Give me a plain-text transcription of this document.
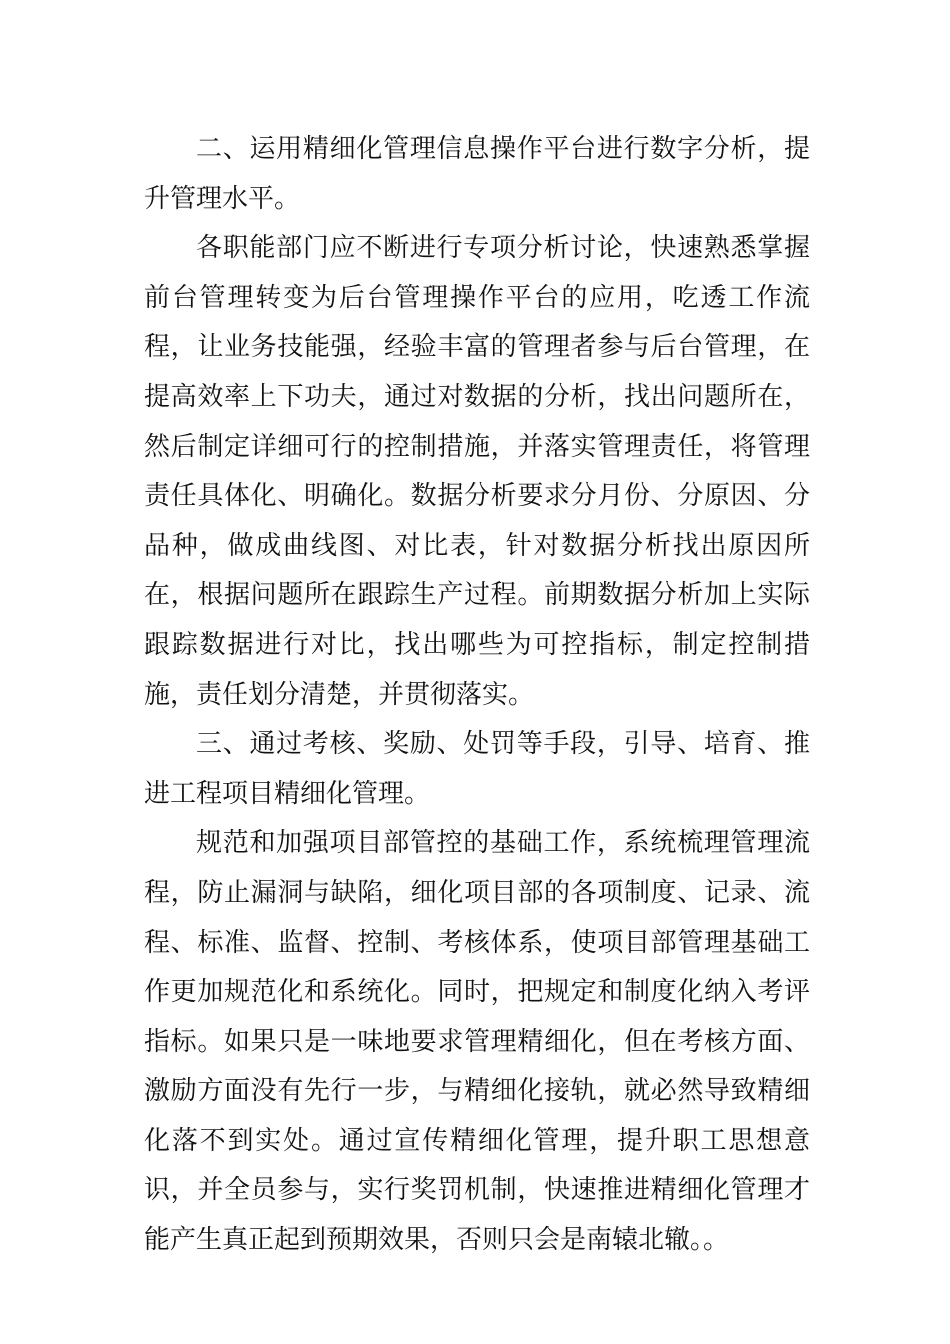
二、运用精细化管理信息操作平台进行数字分析，提升管理水平。

各职能部门应不断进行专项分析讨论，快速熟悉掌握前台管理转变为后台管理操作平台的应用，吃透工作流程，让业务技能强，经验丰富的管理者参与后台管理，在提高效率上下功夫，通过对数据的分析，找出问题所在，然后制定详细可行的控制措施，并落实管理责任，将管理责任具体化、明确化。数据分析要求分月份、分原因、分品种，做成曲线图、对比表，针对数据分析找出原因所在，根据问题所在跟踪生产过程。前期数据分析加上实际跟踪数据进行对比，找出哪些为可控指标，制定控制措施，责任划分清楚，并贯彻落实。

三、通过考核、奖励、处罚等手段，引导、培育、推进工程项目精细化管理。

规范和加强项目部管控的基础工作，系统梳理管理流程，防止漏洞与缺陷，细化项目部的各项制度、记录、流程、标准、监督、控制、考核体系，使项目部管理基础工作更加规范化和系统化。同时，把规定和制度化纳入考评指标。如果只是一味地要求管理精细化，但在考核方面、激励方面没有先行一步，与精细化接轨，就必然导致精细化落不到实处。通过宣传精细化管理，提升职工思想意识，并全员参与，实行奖罚机制，快速推进精细化管理才能产生真正起到预期效果，否则只会是南辕北辙。。
